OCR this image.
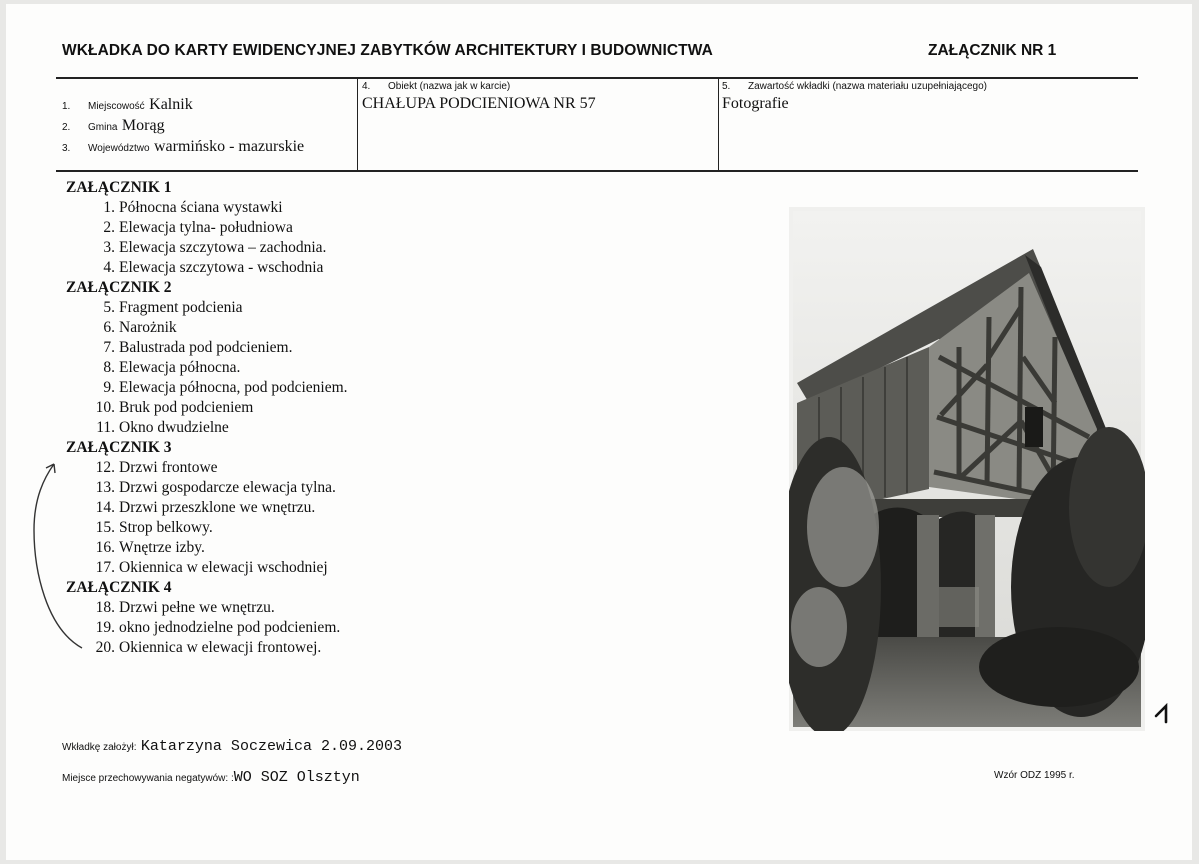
WKŁADKA DO KARTY EWIDENCYJNEJ ZABYTKÓW ARCHITEKTURY I BUDOWNICTWA	ZAŁĄCZNIK NR 1
1. Miejscowość Kalnik
2. Gmina Morąg
3. Województwo warmińsko - mazurskie
4. Obiekt (nazwa jak w karcie)
CHAŁUPA PODCIENIOWA NR 57
5. Zawartość wkładki (nazwa materiału uzupełniającego)
Fotografie
ZAŁĄCZNIK 1
1. Północna ściana wystawki
2. Elewacja tylna- południowa
3. Elewacja szczytowa – zachodnia.
4. Elewacja szczytowa - wschodnia
ZAŁĄCZNIK 2
5. Fragment podcienia
6. Narożnik
7. Balustrada pod podcieniem.
8. Elewacja północna.
9. Elewacja północna, pod podcieniem.
10. Bruk pod podcieniem
11. Okno dwudzielne
ZAŁĄCZNIK 3
12. Drzwi frontowe
13. Drzwi gospodarcze elewacja tylna.
14. Drzwi przeszklone we wnętrzu.
15. Strop belkowy.
16. Wnętrze izby.
17. Okiennica w elewacji wschodniej
ZAŁĄCZNIK 4
18. Drzwi pełne we wnętrzu.
19. okno jednodzielne pod podcieniem.
20. Okiennica w elewacji frontowej.
Wkładkę założył: Katarzyna Soczewica 2.09.2003
Miejsce przechowywania negatywów: :WO SOZ Olsztyn	Wzór ODZ 1995 r.
